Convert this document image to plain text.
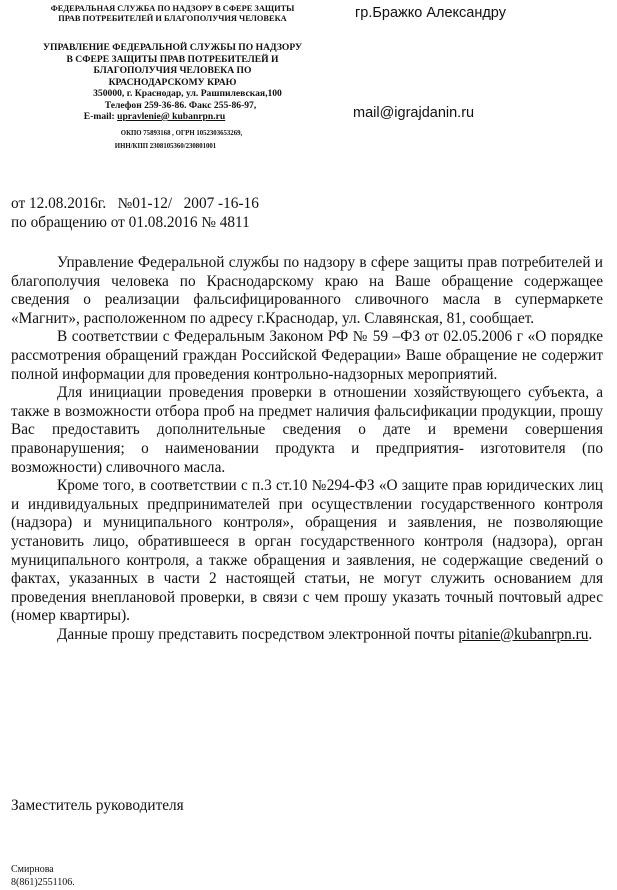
ФЕДЕРАЛЬНАЯ СЛУЖБА ПО НАДЗОРУ В СФЕРЕ ЗАЩИТЫ
ПРАВ ПОТРЕБИТЕЛЕЙ И БЛАГОПОЛУЧИЯ ЧЕЛОВЕКА
УПРАВЛЕНИЕ ФЕДЕРАЛЬНОЙ СЛУЖБЫ ПО НАДЗОРУ
В СФЕРЕ ЗАЩИТЫ ПРАВ ПОТРЕБИТЕЛЕЙ И
БЛАГОПОЛУЧИЯ ЧЕЛОВЕКА ПО
КРАСНОДАРСКОМУ КРАЮ
350000, г. Краснодар, ул. Рашпилевская,100
Телефон 259-36-86. Факс 255-86-97,
E-mail: upravlenie@ kubanrpn.ru
ОКПО 75893168 , ОГРН 1052303653269,
ИНН/КПП 2308105360/230801001
гр.Бражко Александру
mail@igrajdanin.ru
от 12.08.2016г.   №01-12/   2007 -16-16
по обращению от 01.08.2016 № 4811

Управление Федеральной службы по надзору в сфере защиты прав потребителей и благополучия человека по Краснодарскому краю на Ваше обращение содержащее сведения о реализации фальсифицированного сливочного масла в супермаркете «Магнит», расположенном по адресу г.Краснодар, ул. Славянская, 81, сообщает.

В соответствии с Федеральным Законом РФ № 59 –ФЗ от 02.05.2006 г «О порядке рассмотрения обращений граждан Российской Федерации» Ваше обращение не содержит полной информации для проведения контрольно-надзорных мероприятий.

Для инициации проведения проверки в отношении хозяйствующего субъекта, а также в возможности отбора проб на предмет наличия фальсификации продукции, прошу Вас предоставить дополнительные сведения о дате и времени совершения правонарушения; о наименовании продукта и предприятия- изготовителя (по возможности) сливочного масла.

Кроме того, в соответствии с п.3 ст.10 №294-ФЗ «О защите прав юридических лиц и индивидуальных предпринимателей при осуществлении государственного контроля (надзора) и муниципального контроля», обращения и заявления, не позволяющие установить лицо, обратившееся в орган государственного контроля (надзора), орган муниципального контроля, а также обращения и заявления, не содержащие сведений о фактах, указанных в части 2 настоящей статьи, не могут служить основанием для проведения внеплановой проверки, в связи с чем прошу указать точный почтовый адрес (номер квартиры).

Данные прошу представить посредством электронной почты pitanie@kubanrpn.ru.

Заместитель руководителя
Смирнова
8(861)2551106.
